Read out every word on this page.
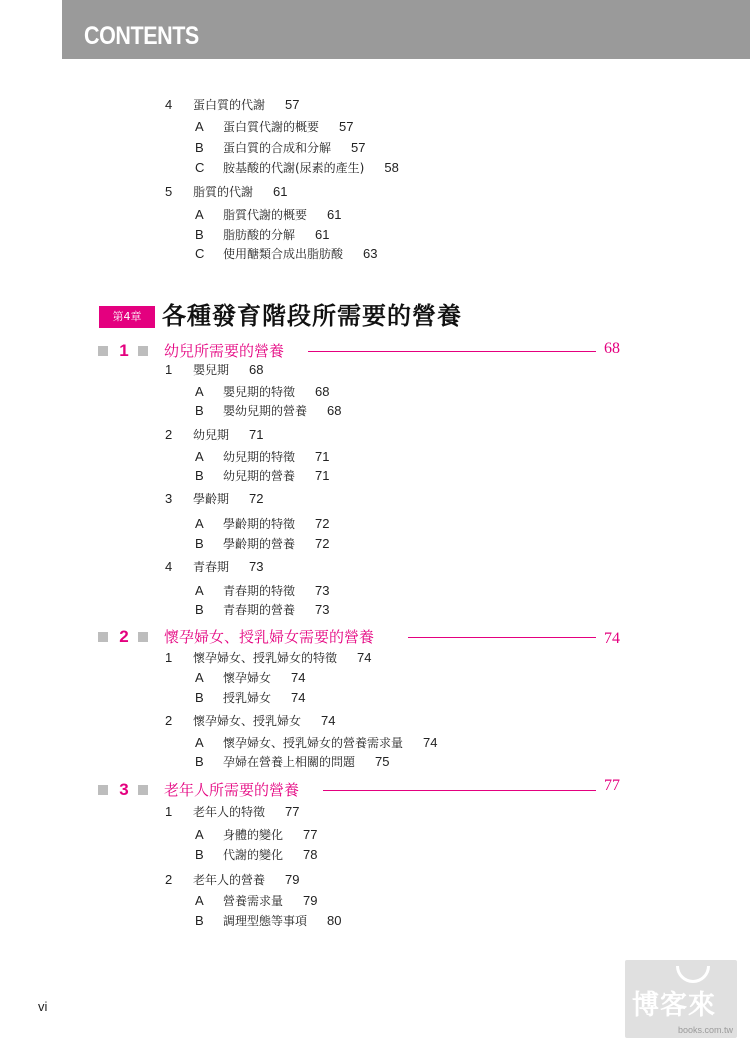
CONTENTS
4 蛋白質的代謝 57
A 蛋白質代謝的概要 57
B 蛋白質的合成和分解 57
C 胺基酸的代謝(尿素的產生) 58
5 脂質的代謝 61
A 脂質代謝的概要 61
B 脂肪酸的分解 61
C 使用醣類合成出脂肪酸 63
第4章 各種發育階段所需要的營養
1	幼兒所需要的營養	68
1 嬰兒期 68
A 嬰兒期的特徵 68
B 嬰幼兒期的營養 68
2 幼兒期 71
A 幼兒期的特徵 71
B 幼兒期的營養 71
3 學齡期 72
A 學齡期的特徵 72
B 學齡期的營養 72
4 青春期 73
A 青春期的特徵 73
B 青春期的營養 73
2	懷孕婦女、授乳婦女需要的營養	74
1 懷孕婦女、授乳婦女的特徵 74
A 懷孕婦女 74
B 授乳婦女 74
2 懷孕婦女、授乳婦女 74
A 懷孕婦女、授乳婦女的營養需求量 74
B 孕婦在營養上相關的問題 75
3	老年人所需要的營養	77
1 老年人的特徵 77
A 身體的變化 77
B 代謝的變化 78
2 老年人的營養 79
A 營養需求量 79
B 調理型態等事項 80
vi	博客來
books.com.tw
